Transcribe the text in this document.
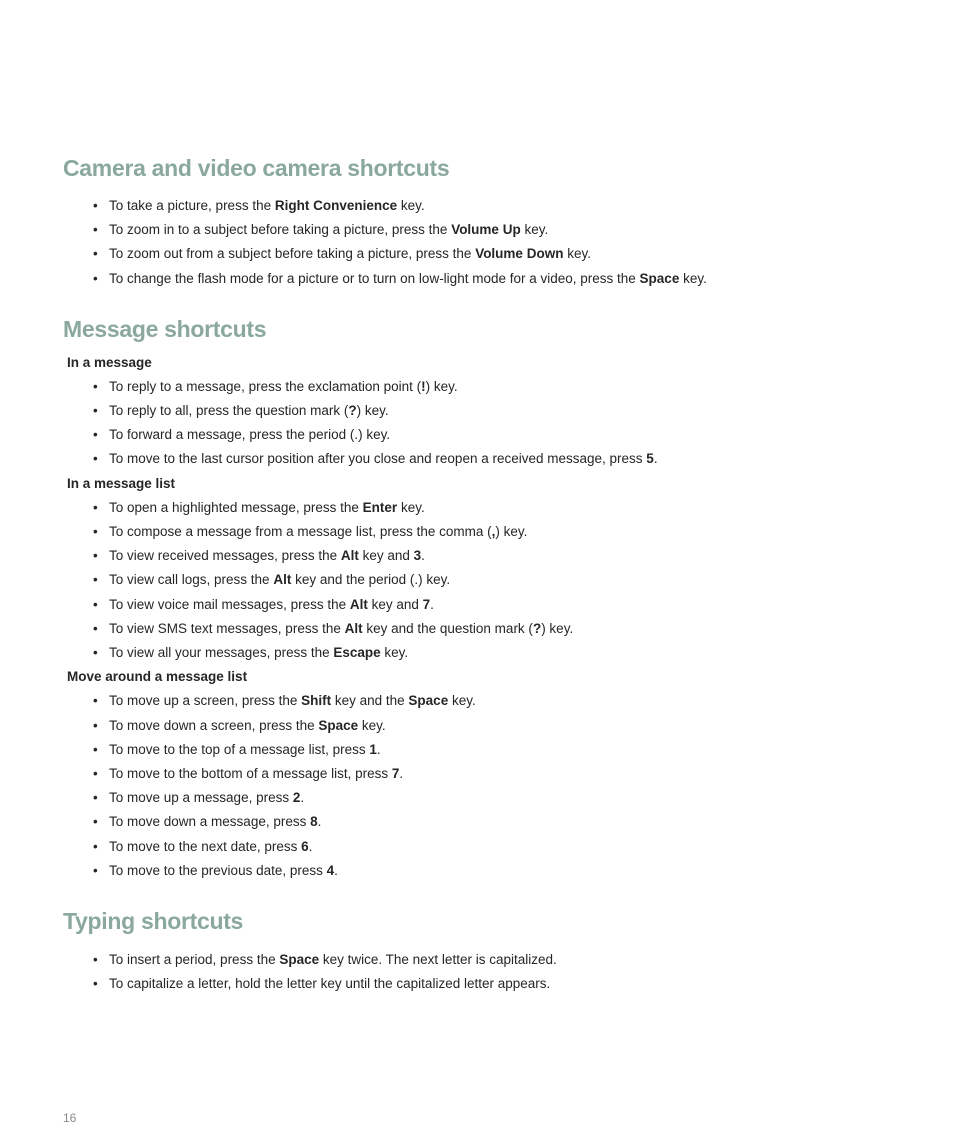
Camera and video camera shortcuts
• To take a picture, press the Right Convenience key.
• To zoom in to a subject before taking a picture, press the Volume Up key.
• To zoom out from a subject before taking a picture, press the Volume Down key.
• To change the flash mode for a picture or to turn on low-light mode for a video, press the Space key.
Message shortcuts
In a message
• To reply to a message, press the exclamation point (!) key.
• To reply to all, press the question mark (?) key.
• To forward a message, press the period (.) key.
• To move to the last cursor position after you close and reopen a received message, press 5.
In a message list
• To open a highlighted message, press the Enter key.
• To compose a message from a message list, press the comma (,) key.
• To view received messages, press the Alt key and 3.
• To view call logs, press the Alt key and the period (.) key.
• To view voice mail messages, press the Alt key and 7.
• To view SMS text messages, press the Alt key and the question mark (?) key.
• To view all your messages, press the Escape key.
Move around a message list
• To move up a screen, press the Shift key and the Space key.
• To move down a screen, press the Space key.
• To move to the top of a message list, press 1.
• To move to the bottom of a message list, press 7.
• To move up a message, press 2.
• To move down a message, press 8.
• To move to the next date, press 6.
• To move to the previous date, press 4.
Typing shortcuts
• To insert a period, press the Space key twice. The next letter is capitalized.
• To capitalize a letter, hold the letter key until the capitalized letter appears.
16
